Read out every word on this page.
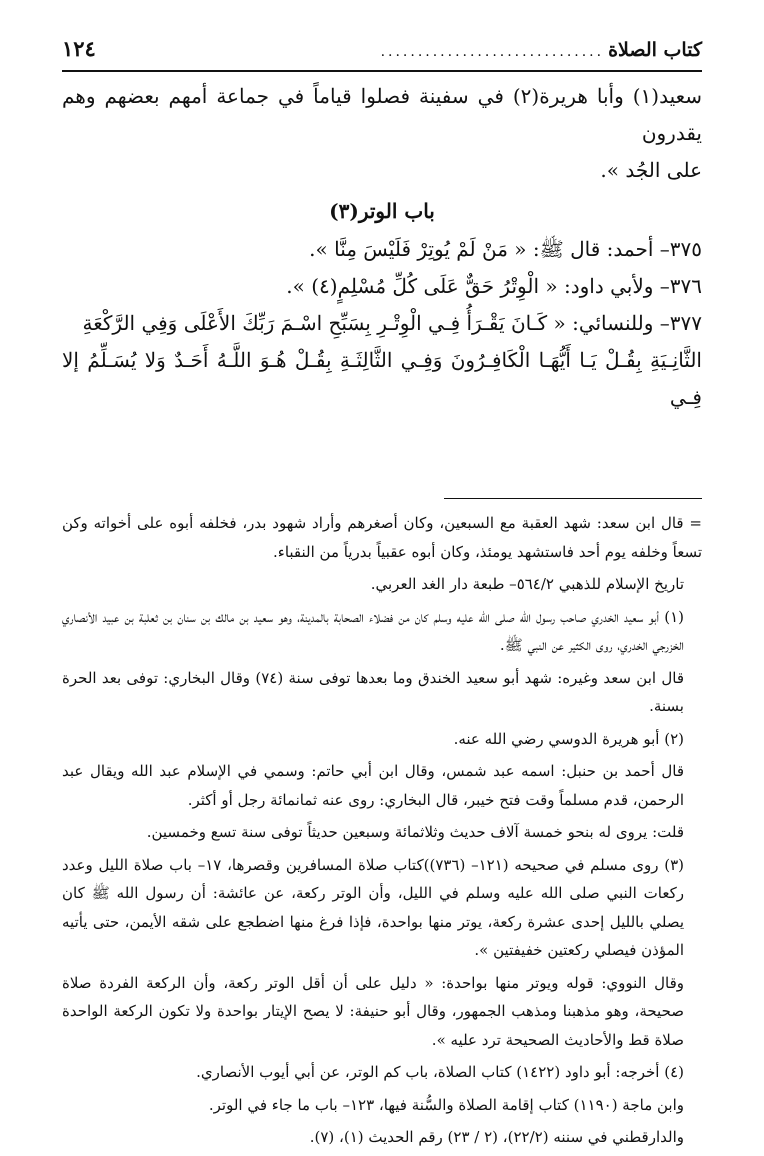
كتاب الصلاة
..............................
١٢٤

سعيد(١) وأبا هريرة(٢) في سفينة فصلوا قياماً في جماعة أمهم بعضهم وهم يقدرون

على الجُد ».

باب الوتر(٣)

٣٧٥– أحمد: قال ﷺ: « مَنْ لَمْ يُوتِرْ فَلَيْسَ مِنَّا ».

٣٧٦– ولأبي داود: « الْوِتْرُ حَقٌّ عَلَى كُلِّ مُسْلِمٍ(٤) ».

٣٧٧– وللنسائي: « كَـانَ يَقْـرَأُ فِـي الْوِتْـرِ بِسَبِّحِ اسْـمَ رَبِّكَ الأَعْلَى وَفِي الرَّكْعَةِ

الثَّانِـيَةِ بِقُـلْ يَـا أَيُّهَـا الْكَافِـرُونَ وَفِـي الثَّالِثَـةِ بِقُـلْ هُـوَ اللَّـهُ أَحَـدٌ وَلا يُسَـلِّمُ إلا فِـي

= قال ابن سعد: شهد العقبة مع السبعين، وكان أصغرهم وأراد شهود بدر، فخلفه أبوه على أخواته وكن تسعاً وخلفه يوم أحد فاستشهد يومئذ، وكان أبوه عقبياً بدرياً من النقباء.

تاريخ الإسلام للذهبي ٥٦٤/٢– طبعة دار الغد العربي.

(١) أبو سعيد الخدري صاحب رسول الله صلى الله عليه وسلم كان من فضلاء الصحابة بالمدينة، وهو سعيد بن مالك بن سنان بن ثعلبة بن عبيد الأنصاري الخزرجي الخدري، روى الكثير عن النبي ﷺ.

قال ابن سعد وغيره: شهد أبو سعيد الخندق وما بعدها توفى سنة (٧٤) وقال البخاري: توفى بعد الحرة بسنة.

(٢) أبو هريرة الدوسي رضي الله عنه.

قال أحمد بن حنبل: اسمه عبد شمس، وقال ابن أبي حاتم: وسمي في الإسلام عبد الله ويقال عبد الرحمن، قدم مسلماً وقت فتح خيبر، قال البخاري: روى عنه ثمانمائة رجل أو أكثر.

قلت: يروى له بنحو خمسة آلاف حديث وثلاثمائة وسبعين حديثاً توفى سنة تسع وخمسين.

(٣) روى مسلم في صحيحه (١٢١– (٧٣٦))كتاب صلاة المسافرين وقصرها، ١٧– باب صلاة الليل وعدد ركعات النبي صلى الله عليه وسلم في الليل، وأن الوتر ركعة، عن عائشة: أن رسول الله ﷺ كان يصلي بالليل إحدى عشرة ركعة، يوتر منها بواحدة، فإذا فرغ منها اضطجع على شقه الأيمن، حتى يأتيه المؤذن فيصلي ركعتين خفيفتين ».

وقال النووي: قوله ويوتر منها بواحدة: « دليل على أن أقل الوتر ركعة، وأن الركعة الفردة صلاة صحيحة، وهو مذهبنا ومذهب الجمهور، وقال أبو حنيفة: لا يصح الإيتار بواحدة ولا تكون الركعة الواحدة صلاة قط والأحاديث الصحيحة ترد عليه ».

(٤) أخرجه: أبو داود (١٤٢٢) كتاب الصلاة، باب كم الوتر، عن أبي أيوب الأنصاري.

وابن ماجة (١١٩٠) كتاب إقامة الصلاة والسُّنة فيها، ١٢٣– باب ما جاء في الوتر.

والدارقطني في سننه (٢٢/٢)، (٢ / ٢٣) رقم الحديث (١)، (٧).
